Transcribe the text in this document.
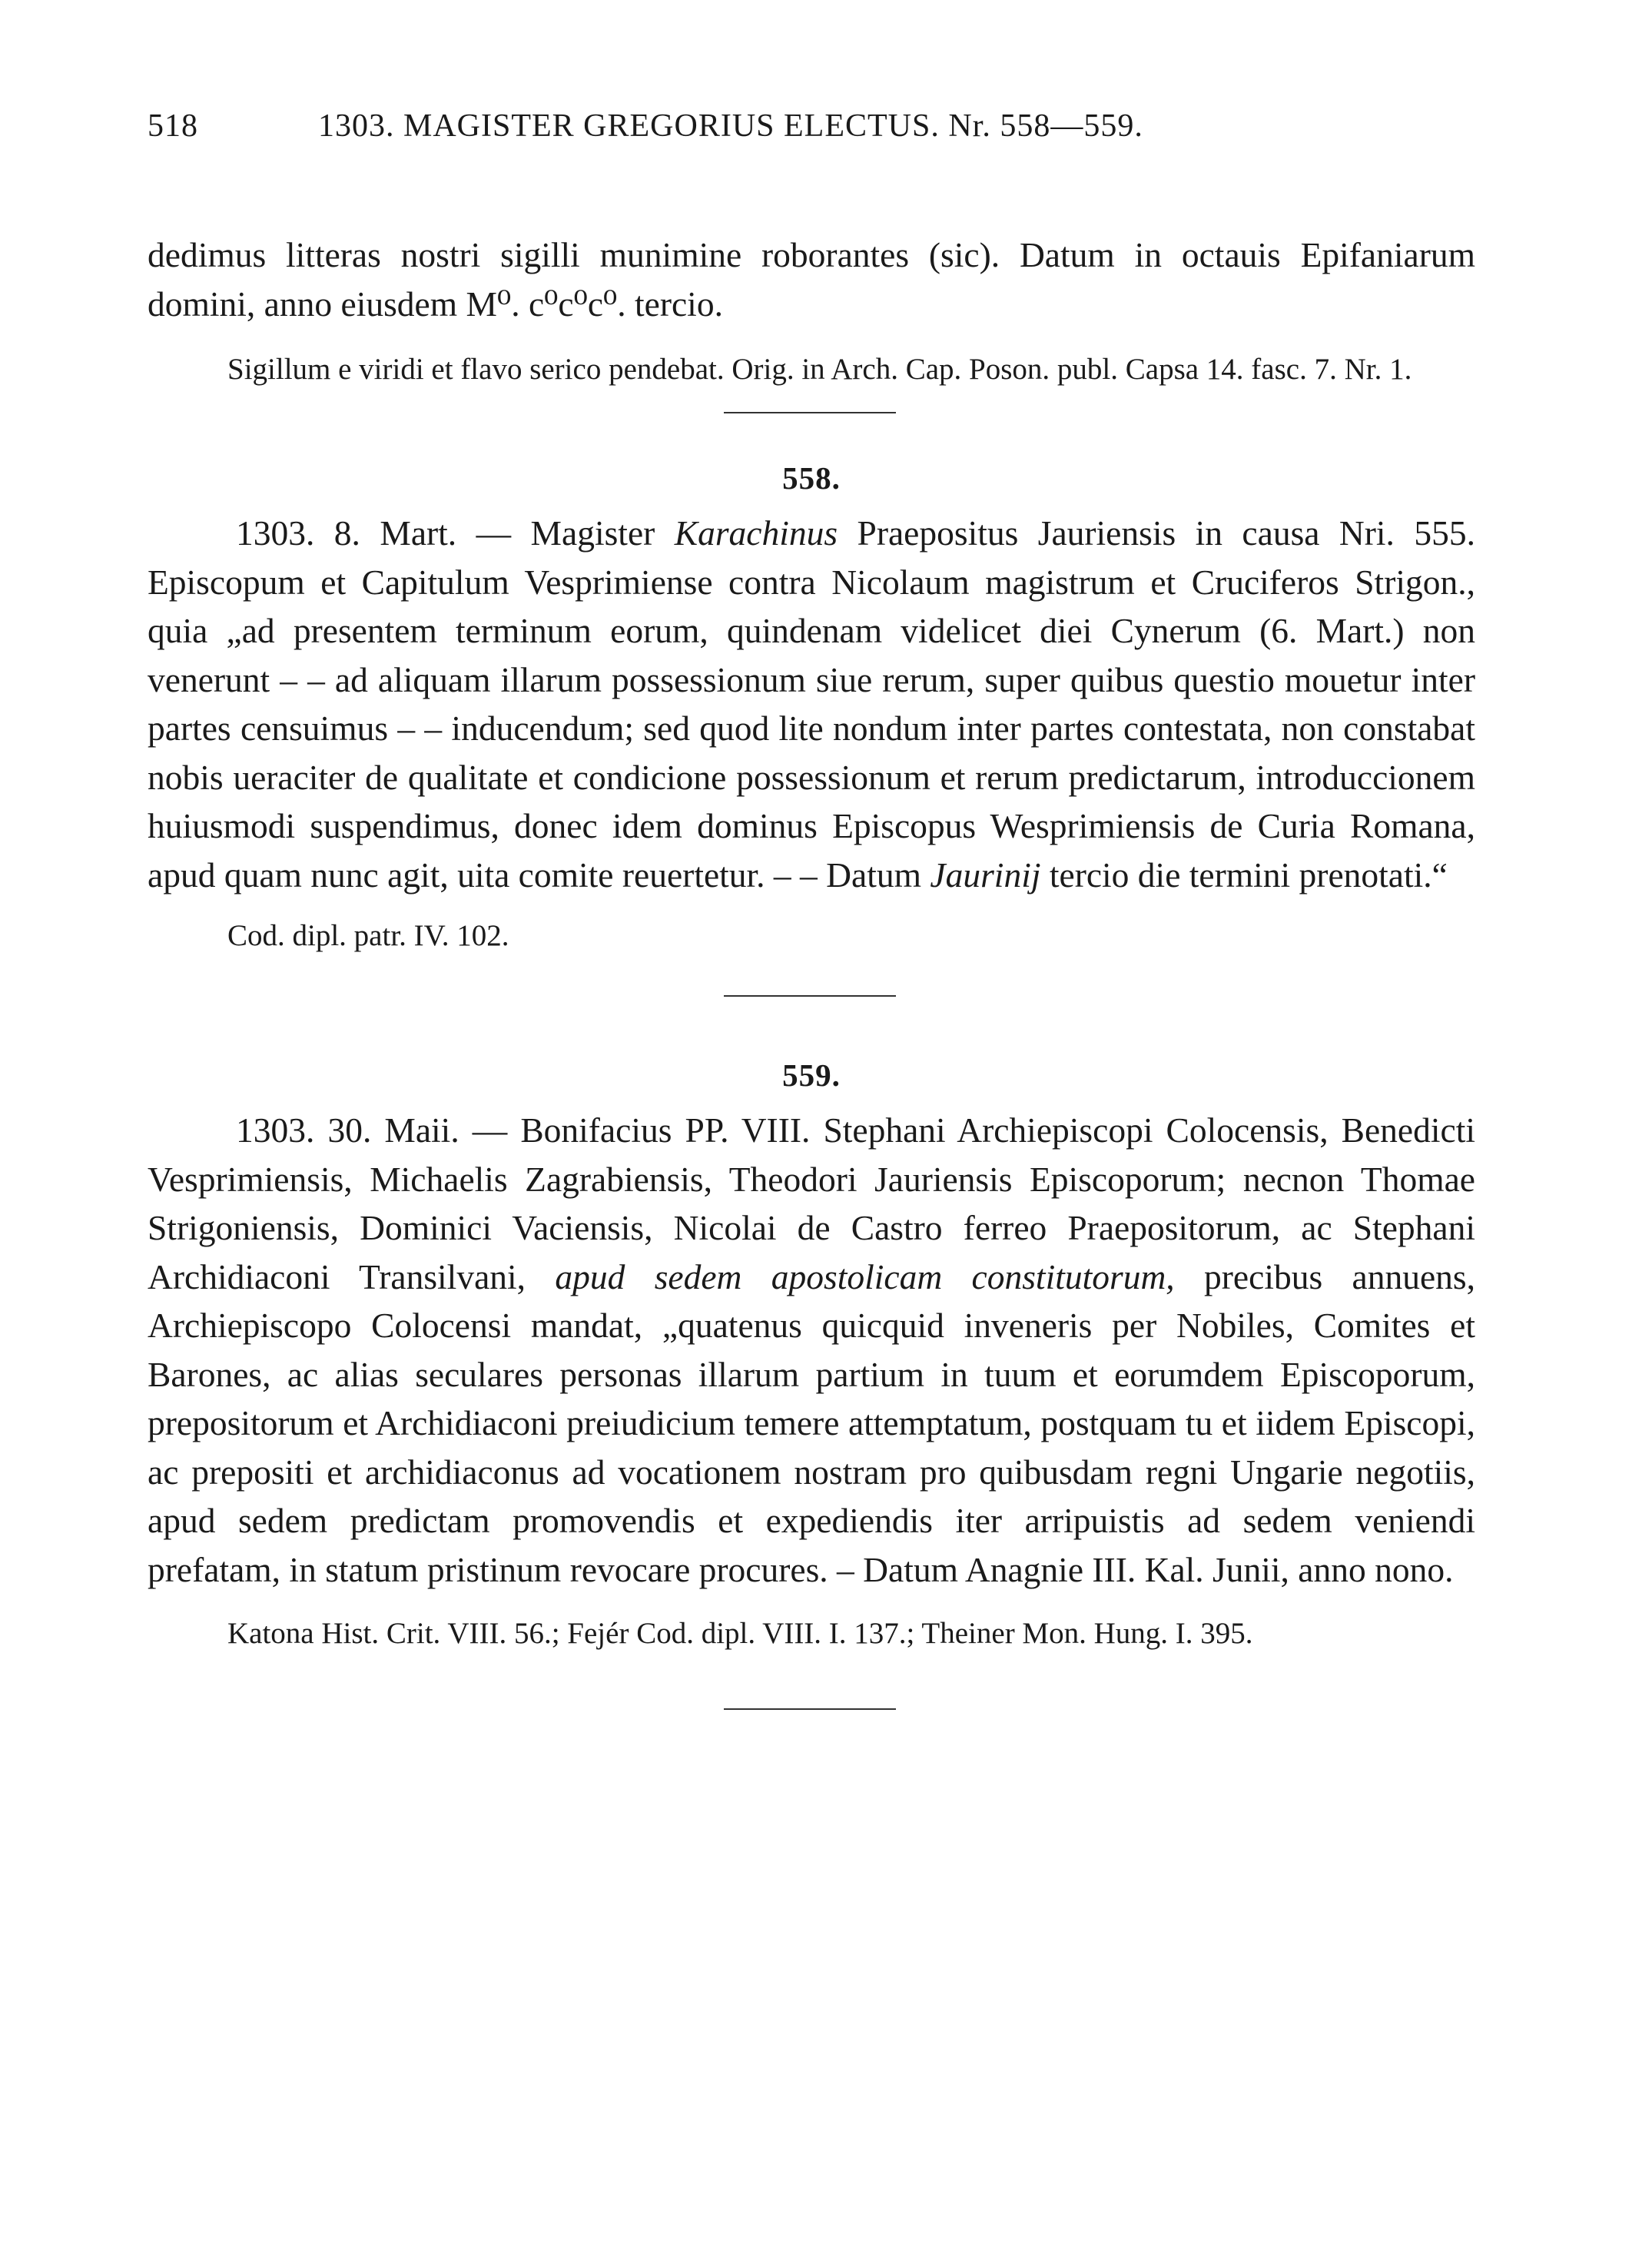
518	1303. MAGISTER GREGORIUS ELECTUS. Nr. 558—559.

dedimus litteras nostri sigilli munimine roborantes (sic). Datum in octauis Epifaniarum domini, anno eiusdem M⁰. c⁰c⁰c⁰. tercio.

Sigillum e viridi et flavo serico pendebat. Orig. in Arch. Cap. Poson. publ. Capsa 14. fasc. 7. Nr. 1.

558.

1303. 8. Mart. — Magister Karachinus Praepositus Jauriensis in causa Nri. 555. Episcopum et Capitulum Vesprimiense contra Nicolaum magistrum et Cruciferos Strigon., quia „ad presentem terminum eorum, quindenam videlicet diei Cynerum (6. Mart.) non venerunt – – ad aliquam illarum possessionum siue rerum, super quibus questio mouetur inter partes censuimus – – inducendum; sed quod lite nondum inter partes contestata, non constabat nobis ueraciter de qualitate et condicione possessionum et rerum predictarum, introduccionem huiusmodi suspendimus, donec idem dominus Episcopus Wesprimiensis de Curia Romana, apud quam nunc agit, uita comite reuertetur. – – Datum Jaurinij tercio die termini prenotati.“

Cod. dipl. patr. IV. 102.

559.

1303. 30. Maii. — Bonifacius PP. VIII. Stephani Archiepiscopi Colocensis, Benedicti Vesprimiensis, Michaelis Zagrabiensis, Theodori Jauriensis Episcoporum; necnon Thomae Strigoniensis, Dominici Vaciensis, Nicolai de Castro ferreo Praepositorum, ac Stephani Archidiaconi Transilvani, apud sedem apostolicam constitutorum, precibus annuens, Archiepiscopo Colocensi mandat, „quatenus quicquid inveneris per Nobiles, Comites et Barones, ac alias seculares personas illarum partium in tuum et eorumdem Episcoporum, prepositorum et Archidiaconi preiudicium temere attemptatum, postquam tu et iidem Episcopi, ac prepositi et archidiaconus ad vocationem nostram pro quibusdam regni Ungarie negotiis, apud sedem predictam promovendis et expediendis iter arripuistis ad sedem veniendi prefatam, in statum pristinum revocare procures. – Datum Anagnie III. Kal. Junii, anno nono.

Katona Hist. Crit. VIII. 56.; Fejér Cod. dipl. VIII. I. 137.; Theiner Mon. Hung. I. 395.
